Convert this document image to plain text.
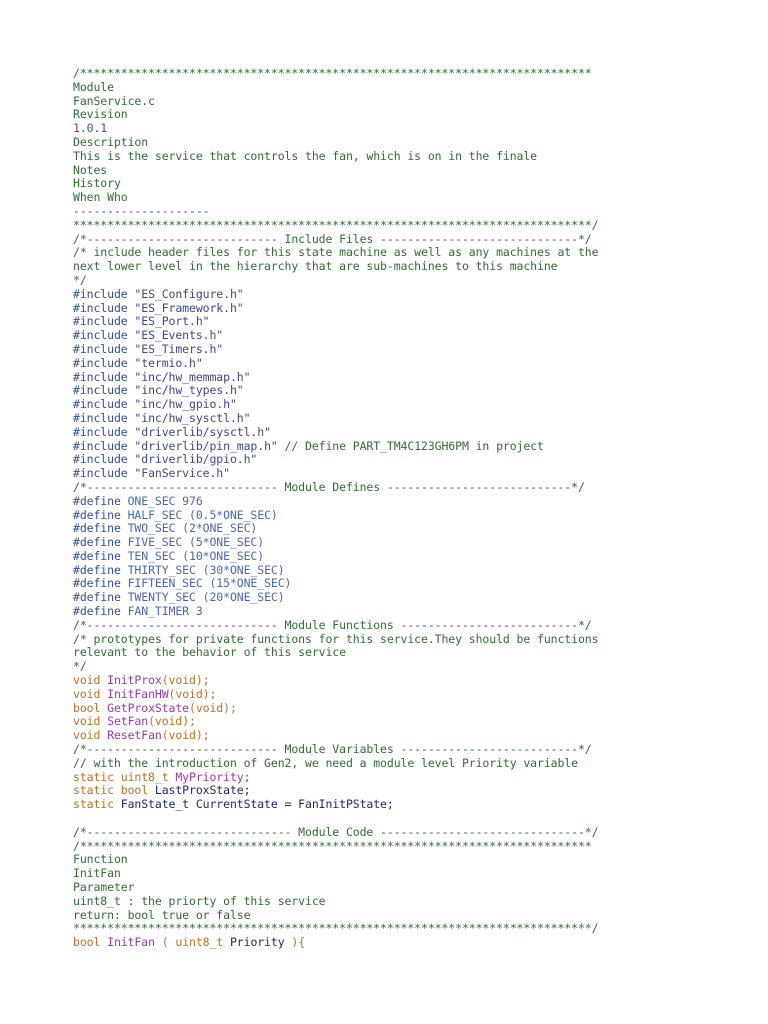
/***************************************************************************
Module
FanService.c
Revision
1.0.1
Description
This is the service that controls the fan, which is on in the finale
Notes
History
When Who
--------------------
****************************************************************************/
/*---------------------------- Include Files -----------------------------*/
/* include header files for this state machine as well as any machines at the
next lower level in the hierarchy that are sub-machines to this machine
*/
#include "ES_Configure.h"
#include "ES_Framework.h"
#include "ES_Port.h"
#include "ES_Events.h"
#include "ES_Timers.h"
#include "termio.h"
#include "inc/hw_memmap.h"
#include "inc/hw_types.h"
#include "inc/hw_gpio.h"
#include "inc/hw_sysctl.h"
#include "driverlib/sysctl.h"
#include "driverlib/pin_map.h" // Define PART_TM4C123GH6PM in project
#include "driverlib/gpio.h"
#include "FanService.h"
/*---------------------------- Module Defines ---------------------------*/
#define ONE_SEC 976
#define HALF_SEC (0.5*ONE_SEC)
#define TWO_SEC (2*ONE_SEC)
#define FIVE_SEC (5*ONE_SEC)
#define TEN_SEC (10*ONE_SEC)
#define THIRTY_SEC (30*ONE_SEC)
#define FIFTEEN_SEC (15*ONE_SEC)
#define TWENTY_SEC (20*ONE_SEC)
#define FAN_TIMER 3
/*---------------------------- Module Functions --------------------------*/
/* prototypes for private functions for this service.They should be functions
relevant to the behavior of this service
*/
void InitProx(void);
void InitFanHW(void);
bool GetProxState(void);
void SetFan(void);
void ResetFan(void);
/*---------------------------- Module Variables --------------------------*/
// with the introduction of Gen2, we need a module level Priority variable
static uint8_t MyPriority;
static bool LastProxState;
static FanState_t CurrentState = FanInitPState;

/*------------------------------ Module Code ------------------------------*/
/***************************************************************************
Function
InitFan
Parameter
uint8_t : the priorty of this service
return: bool true or false
****************************************************************************/
bool InitFan ( uint8_t Priority ){
